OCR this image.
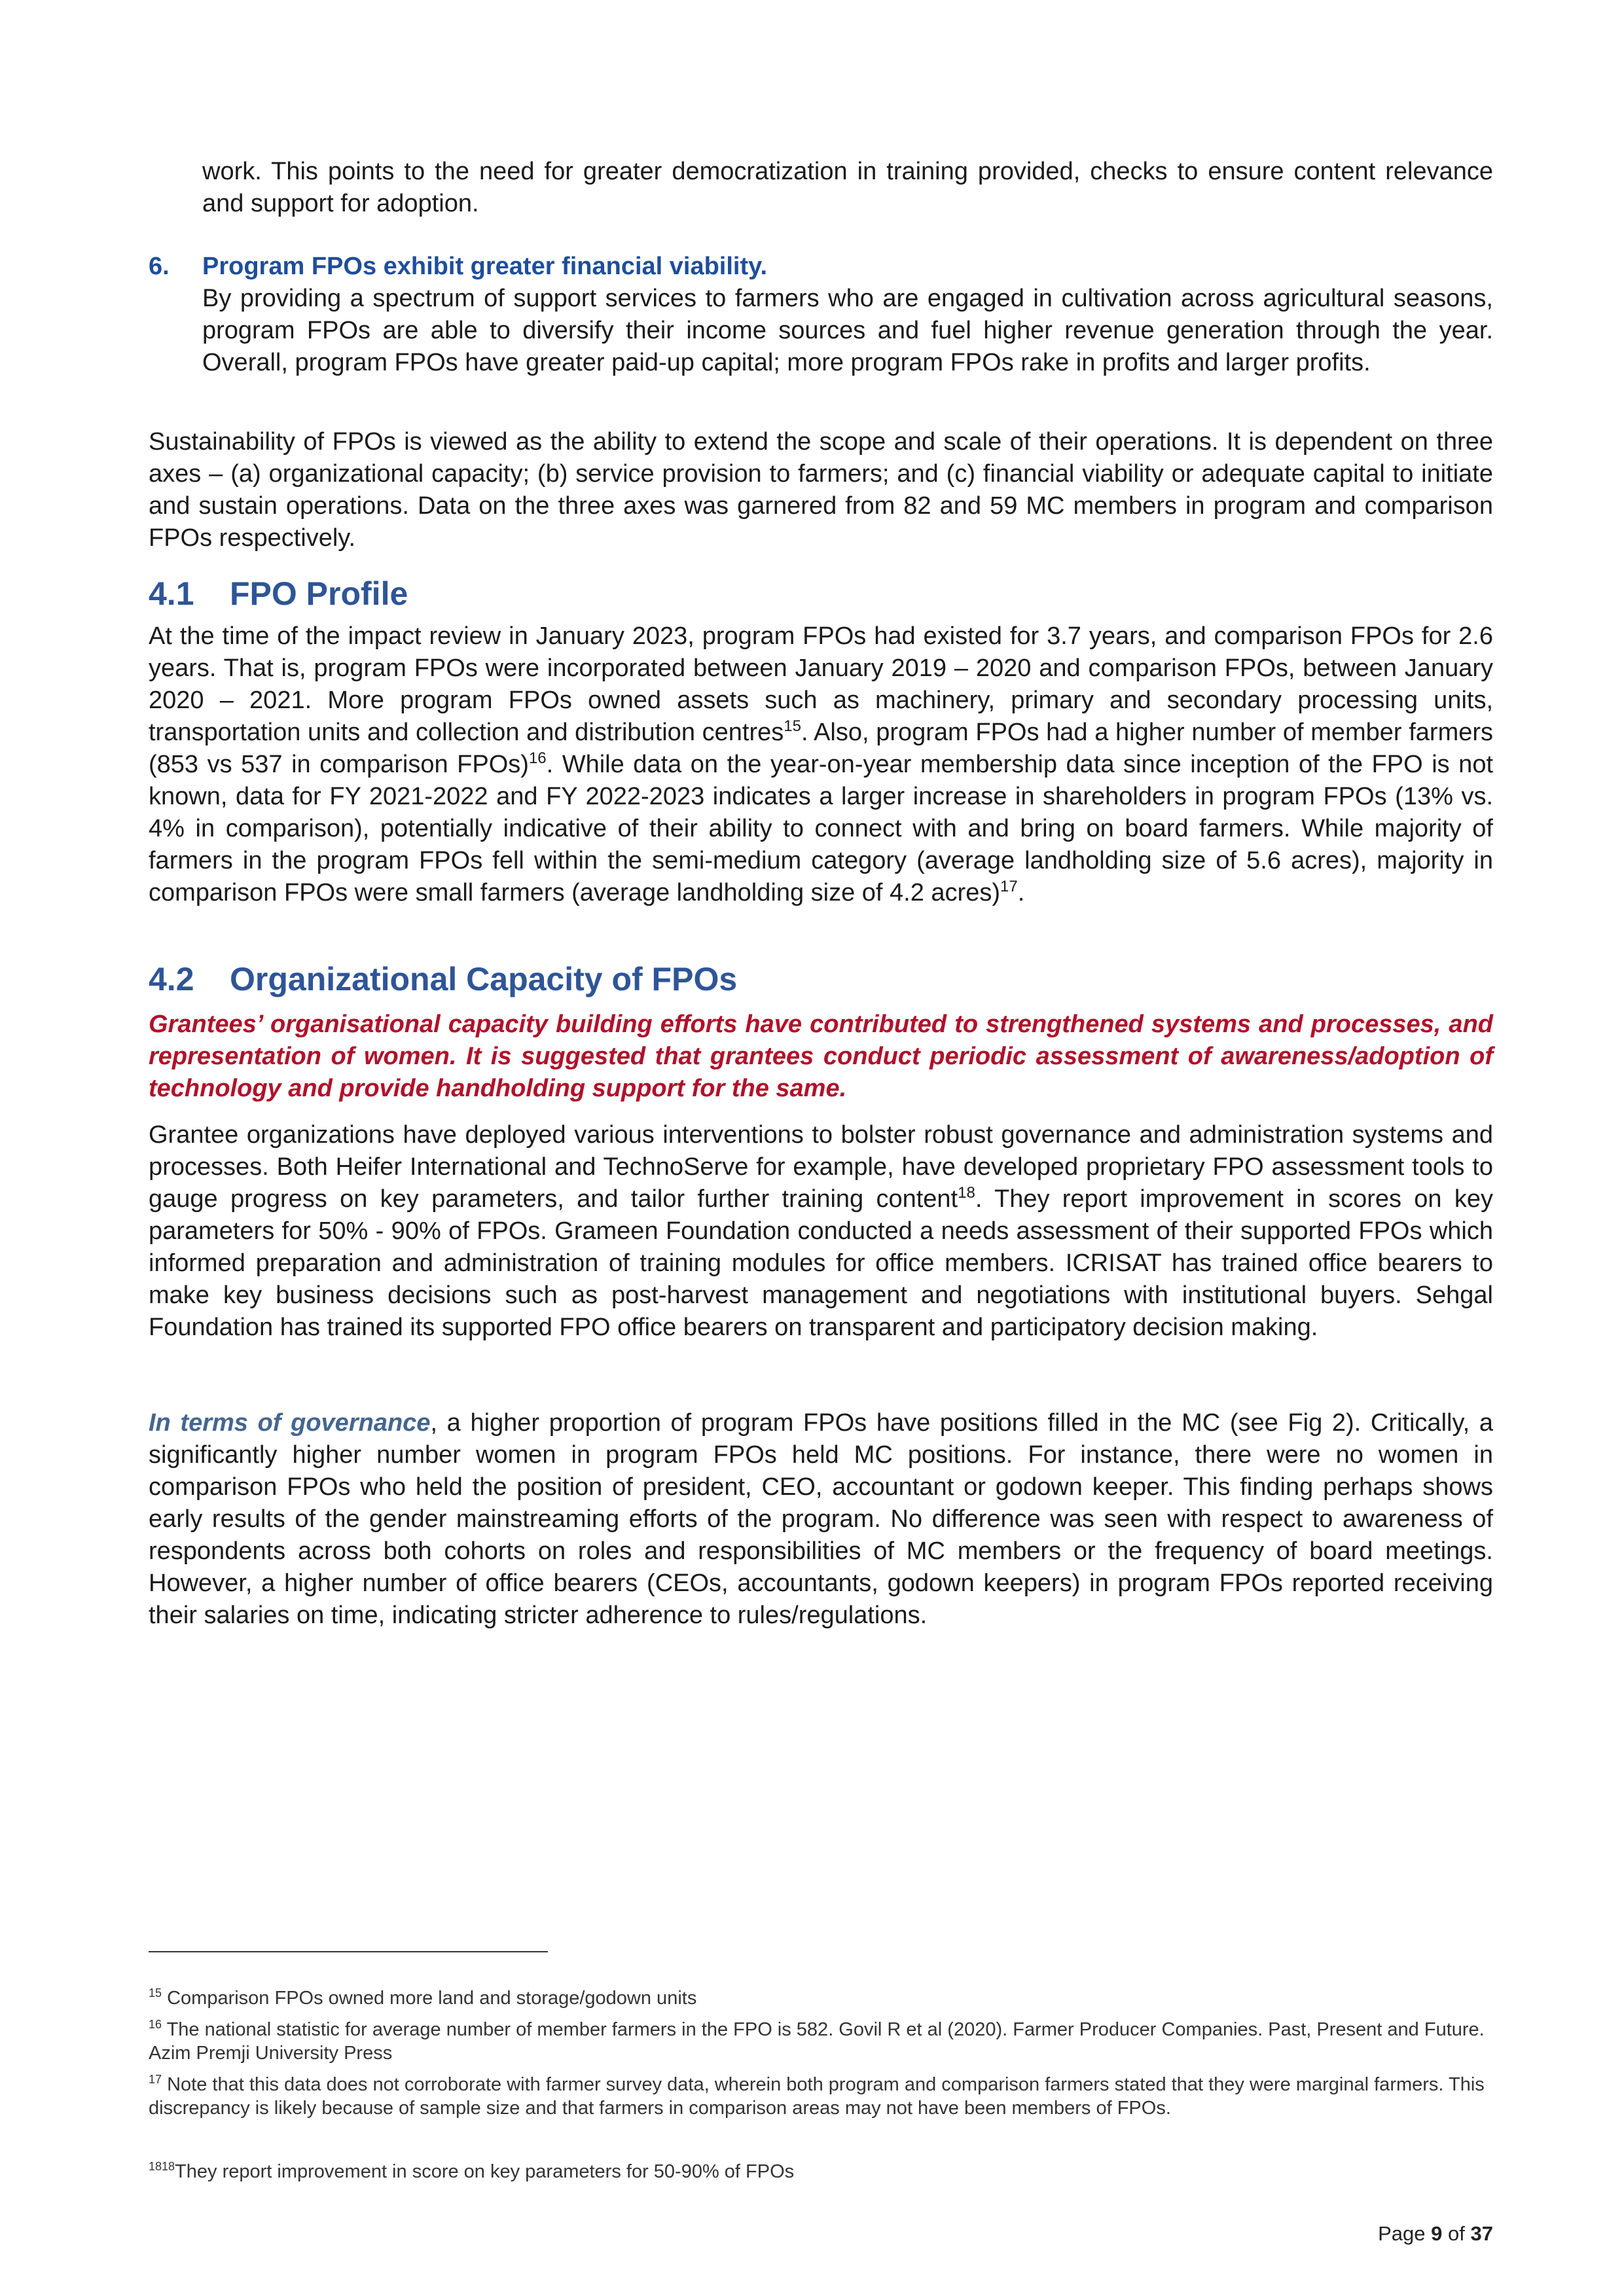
work. This points to the need for greater democratization in training provided, checks to ensure content relevance and support for adoption.

6. Program FPOs exhibit greater financial viability.

By providing a spectrum of support services to farmers who are engaged in cultivation across agricultural seasons, program FPOs are able to diversify their income sources and fuel higher revenue generation through the year. Overall, program FPOs have greater paid-up capital; more program FPOs rake in profits and larger profits.

Sustainability of FPOs is viewed as the ability to extend the scope and scale of their operations. It is dependent on three axes – (a) organizational capacity; (b) service provision to farmers; and (c) financial viability or adequate capital to initiate and sustain operations. Data on the three axes was garnered from 82 and 59 MC members in program and comparison FPOs respectively.

4.1 FPO Profile

At the time of the impact review in January 2023, program FPOs had existed for 3.7 years, and comparison FPOs for 2.6 years. That is, program FPOs were incorporated between January 2019 – 2020 and comparison FPOs, between January 2020 – 2021. More program FPOs owned assets such as machinery, primary and secondary processing units, transportation units and collection and distribution centres$^{15}$. Also, program FPOs had a higher number of member farmers (853 vs 537 in comparison FPOs)$^{16}$. While data on the year-on-year membership data since inception of the FPO is not known, data for FY 2021-2022 and FY 2022-2023 indicates a larger increase in shareholders in program FPOs (13% vs. 4% in comparison), potentially indicative of their ability to connect with and bring on board farmers. While majority of farmers in the program FPOs fell within the semi-medium category (average landholding size of 5.6 acres), majority in comparison FPOs were small farmers (average landholding size of 4.2 acres)$^{17}$.

4.2 Organizational Capacity of FPOs

Grantees’ organisational capacity building efforts have contributed to strengthened systems and processes, and representation of women. It is suggested that grantees conduct periodic assessment of awareness/adoption of technology and provide handholding support for the same.

Grantee organizations have deployed various interventions to bolster robust governance and administration systems and processes. Both Heifer International and TechnoServe for example, have developed proprietary FPO assessment tools to gauge progress on key parameters, and tailor further training content$^{18}$. They report improvement in scores on key parameters for 50% - 90% of FPOs. Grameen Foundation conducted a needs assessment of their supported FPOs which informed preparation and administration of training modules for office members. ICRISAT has trained office bearers to make key business decisions such as post-harvest management and negotiations with institutional buyers. Sehgal Foundation has trained its supported FPO office bearers on transparent and participatory decision making.

In terms of governance, a higher proportion of program FPOs have positions filled in the MC (see Fig 2). Critically, a significantly higher number women in program FPOs held MC positions. For instance, there were no women in comparison FPOs who held the position of president, CEO, accountant or godown keeper. This finding perhaps shows early results of the gender mainstreaming efforts of the program. No difference was seen with respect to awareness of respondents across both cohorts on roles and responsibilities of MC members or the frequency of board meetings. However, a higher number of office bearers (CEOs, accountants, godown keepers) in program FPOs reported receiving their salaries on time, indicating stricter adherence to rules/regulations.

$^{15}$ Comparison FPOs owned more land and storage/godown units

$^{16}$ The national statistic for average number of member farmers in the FPO is 582. Govil R et al (2020). Farmer Producer Companies. Past, Present and Future. Azim Premji University Press

$^{17}$ Note that this data does not corroborate with farmer survey data, wherein both program and comparison farmers stated that they were marginal farmers. This discrepancy is likely because of sample size and that farmers in comparison areas may not have been members of FPOs.

$^{1818}$They report improvement in score on key parameters for 50-90% of FPOs

Page 9 of 37
